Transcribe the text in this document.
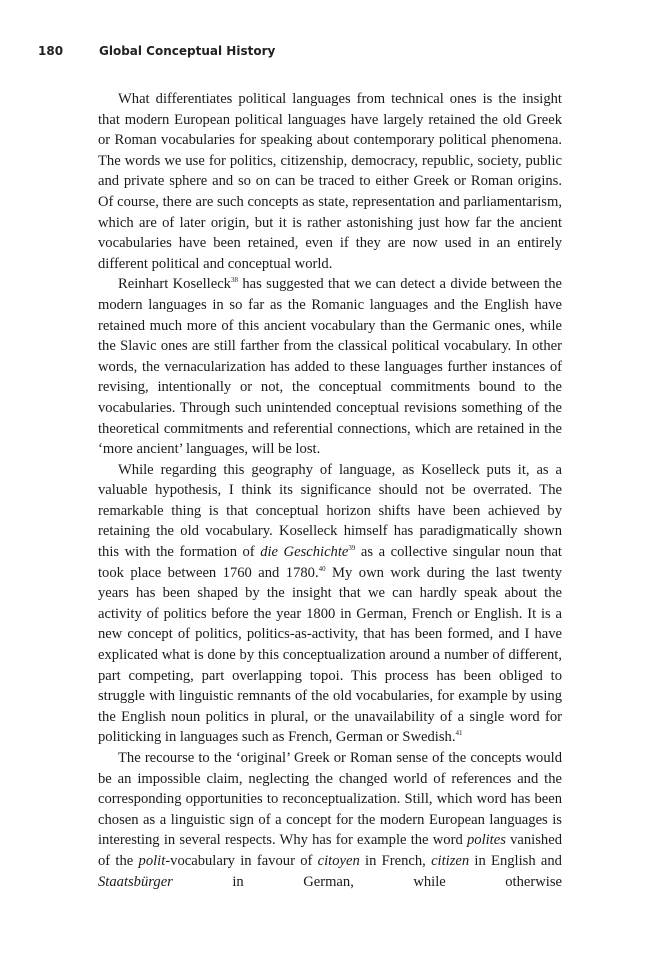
180	Global Conceptual History

What differentiates political languages from technical ones is the insight that modern European political languages have largely retained the old Greek or Roman vocabularies for speaking about contemporary political phenomena. The words we use for politics, citizenship, democracy, republic, society, public and private sphere and so on can be traced to either Greek or Roman origins. Of course, there are such concepts as state, representation and parliamentarism, which are of later origin, but it is rather astonishing just how far the ancient vocabularies have been retained, even if they are now used in an entirely different political and conceptual world.

Reinhart Koselleck$^{38}$ has suggested that we can detect a divide between the modern languages in so far as the Romanic languages and the English have retained much more of this ancient vocabulary than the Germanic ones, while the Slavic ones are still farther from the classical political vocabulary. In other words, the vernacularization has added to these languages further instances of revising, intentionally or not, the conceptual commitments bound to the vocabularies. Through such unintended conceptual revisions something of the theoretical commitments and referential connections, which are retained in the ‘more ancient’ languages, will be lost.

While regarding this geography of language, as Koselleck puts it, as a valuable hypothesis, I think its significance should not be overrated. The remarkable thing is that conceptual horizon shifts have been achieved by retaining the old vocabulary. Koselleck himself has paradigmatically shown this with the formation of die Geschichte$^{39}$ as a collective singular noun that took place between 1760 and 1780.40 My own work during the last twenty years has been shaped by the insight that we can hardly speak about the activity of politics before the year 1800 in German, French or English. It is a new concept of politics, politics-as-activity, that has been formed, and I have explicated what is done by this conceptualization around a number of different, part competing, part overlapping topoi. This process has been obliged to struggle with linguistic remnants of the old vocabularies, for example by using the English noun politics in plural, or the unavailability of a single word for politicking in languages such as French, German or Swedish.$^{41}$

The recourse to the ‘original’ Greek or Roman sense of the concepts would be an impossible claim, neglecting the changed world of references and the corresponding opportunities to reconceptualization. Still, which word has been chosen as a linguistic sign of a concept for the modern European languages is interesting in several respects. Why has for example the word polites vanished of the polit-vocabulary in favour of citoyen in French, citizen in English and Staatsbürger in German, while otherwise
